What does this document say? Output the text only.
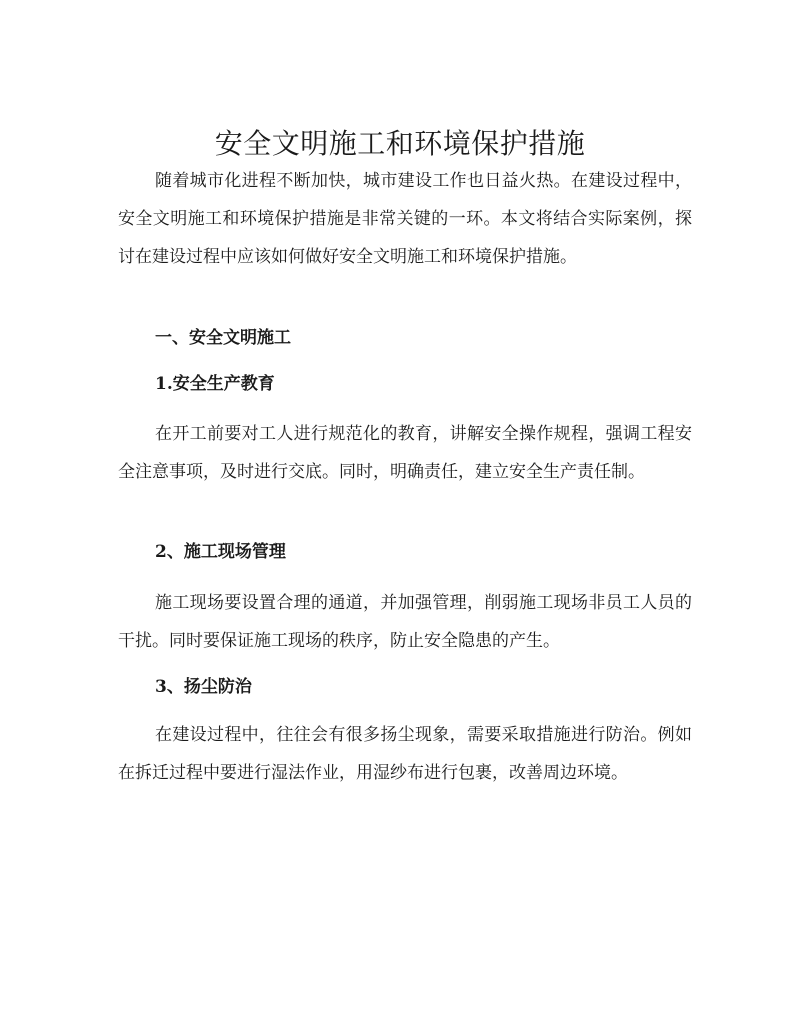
安全文明施工和环境保护措施

随着城市化进程不断加快，城市建设工作也日益火热。在建设过程中，安全文明施工和环境保护措施是非常关键的一环。本文将结合实际案例，探讨在建设过程中应该如何做好安全文明施工和环境保护措施。

一、安全文明施工
1.安全生产教育

在开工前要对工人进行规范化的教育，讲解安全操作规程，强调工程安全注意事项，及时进行交底。同时，明确责任，建立安全生产责任制。

2、施工现场管理

施工现场要设置合理的通道，并加强管理，削弱施工现场非员工人员的干扰。同时要保证施工现场的秩序，防止安全隐患的产生。

3、扬尘防治

在建设过程中，往往会有很多扬尘现象，需要采取措施进行防治。例如在拆迁过程中要进行湿法作业，用湿纱布进行包裹，改善周边环境。
